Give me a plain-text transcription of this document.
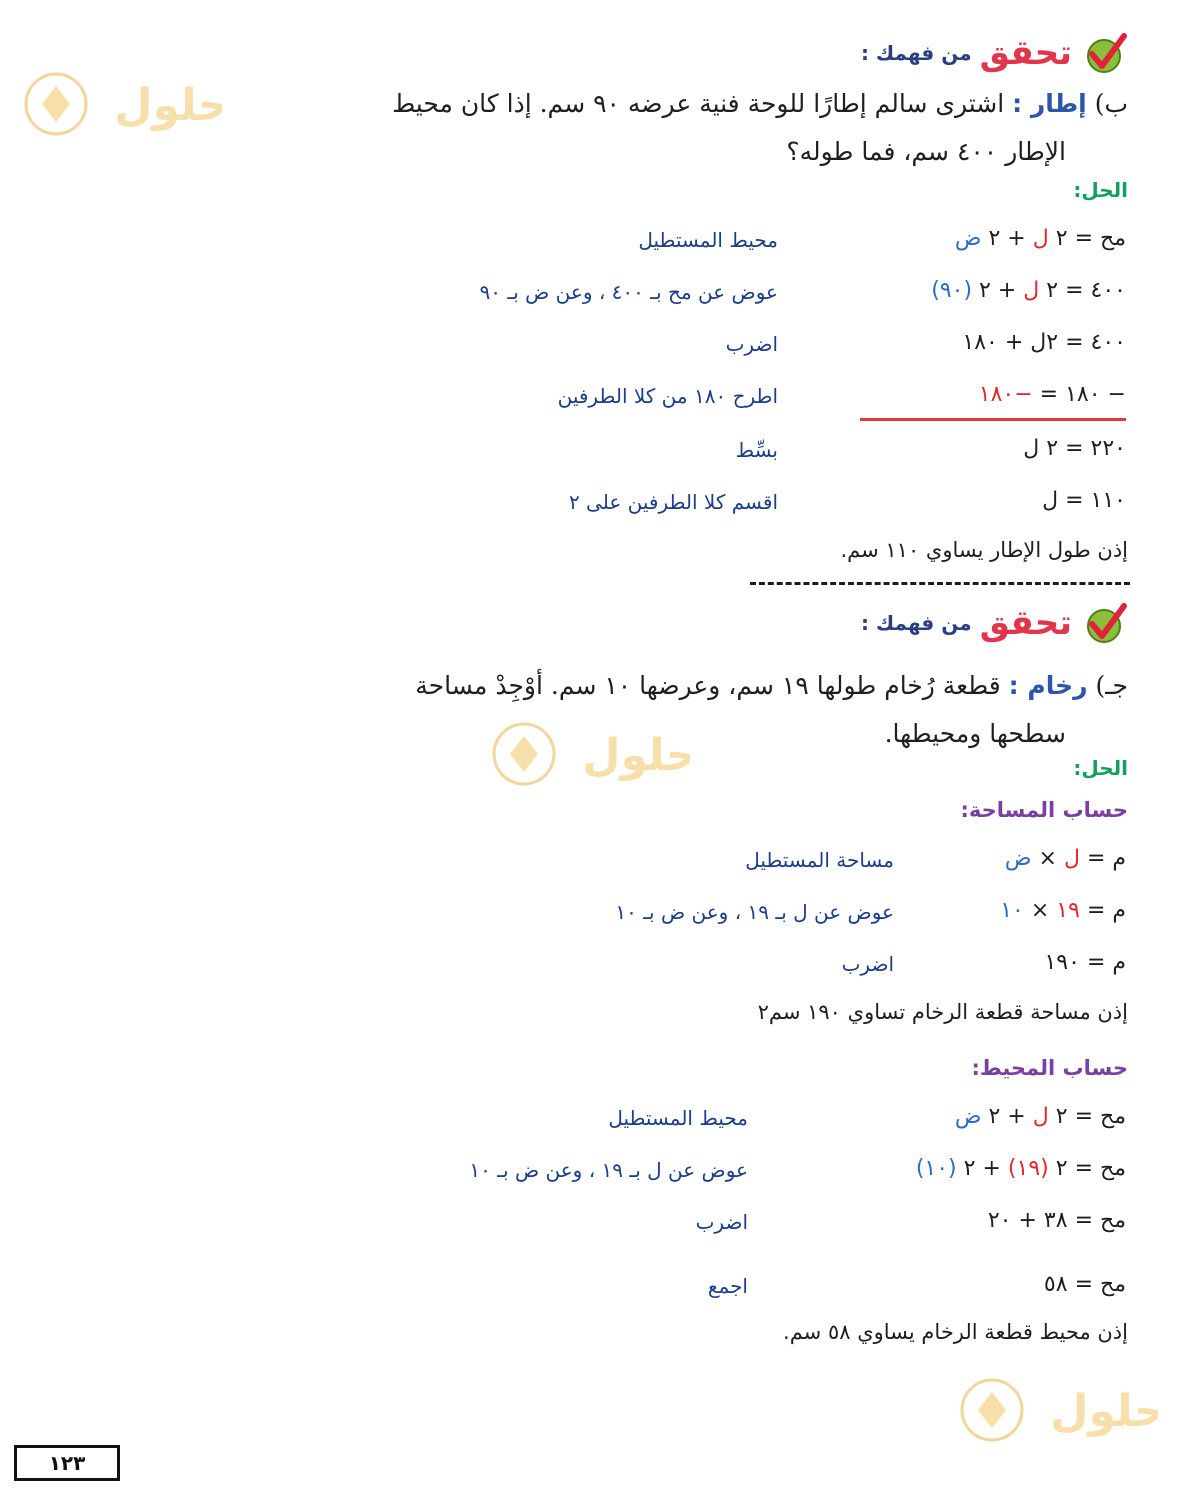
تحقق
من فهمك :
ب) إطار : اشترى سالم إطارًا للوحة فنية عرضه ٩٠ سم. إذا كان محيط
الإطار ٤٠٠ سم، فما طوله؟
الحل:
مح = ٢ ل + ٢ ض
محيط المستطيل
٤٠٠ = ٢ ل + ٢ (٩٠)
عوض عن مح بـ ٤٠٠ ، وعن ض بـ ٩٠
٤٠٠ = ٢ل + ١٨٠
اضرب
− ١٨٠ = −١٨٠
اطرح ١٨٠ من كلا الطرفين
٢٢٠ = ٢ ل
بسِّط
١١٠ = ل
اقسم كلا الطرفين على ٢
إذن طول الإطار يساوي ١١٠ سم.
تحقق
من فهمك :
جـ) رخام : قطعة رُخام طولها ١٩ سم، وعرضها ١٠ سم. أوْجِدْ مساحة
سطحها ومحيطها.
الحل:
حساب المساحة:
م = ل × ض
مساحة المستطيل
م = ١٩ × ١٠
عوض عن ل بـ ١٩ ، وعن ض بـ ١٠
م = ١٩٠
اضرب
إذن مساحة قطعة الرخام تساوي ١٩٠ سم٢
حساب المحيط:
مح = ٢ ل + ٢ ض
محيط المستطيل
مح = ٢ (١٩) + ٢ (١٠)
عوض عن ل بـ ١٩ ، وعن ض بـ ١٠
مح = ٣٨ + ٢٠
اضرب
مح = ٥٨
اجمع
إذن محيط قطعة الرخام يساوي ٥٨ سم.
حلول
حلول
حلول
١٢٣
